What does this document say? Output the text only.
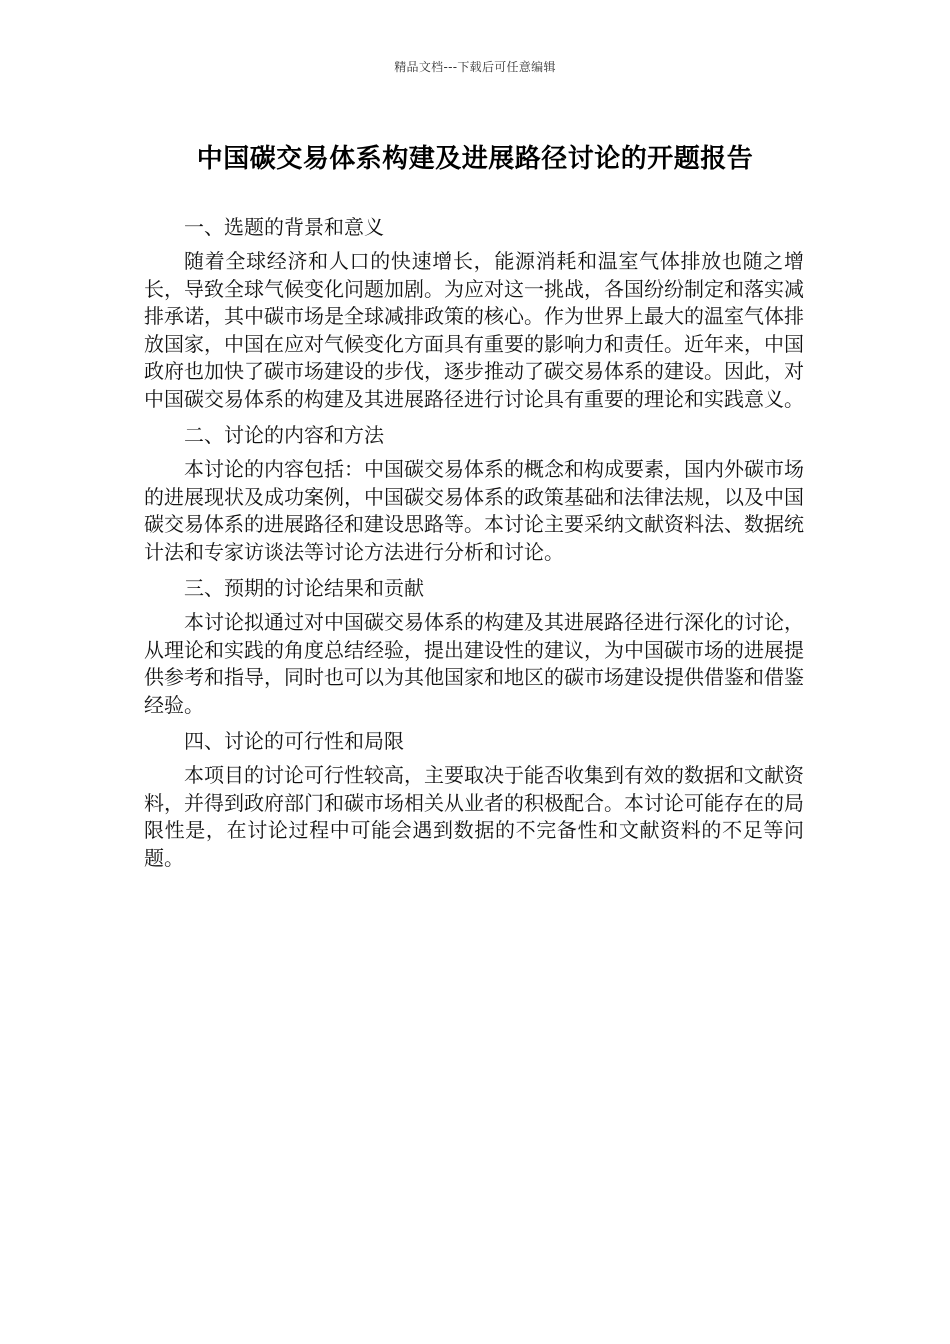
精品文档---下载后可任意编辑
中国碳交易体系构建及进展路径讨论的开题报告

一、选题的背景和意义

随着全球经济和人口的快速增长，能源消耗和温室气体排放也随之增长，导致全球气候变化问题加剧。为应对这一挑战，各国纷纷制定和落实减排承诺，其中碳市场是全球减排政策的核心。作为世界上最大的温室气体排放国家，中国在应对气候变化方面具有重要的影响力和责任。近年来，中国政府也加快了碳市场建设的步伐，逐步推动了碳交易体系的建设。因此，对中国碳交易体系的构建及其进展路径进行讨论具有重要的理论和实践意义。

二、讨论的内容和方法

本讨论的内容包括：中国碳交易体系的概念和构成要素，国内外碳市场的进展现状及成功案例，中国碳交易体系的政策基础和法律法规，以及中国碳交易体系的进展路径和建设思路等。本讨论主要采纳文献资料法、数据统计法和专家访谈法等讨论方法进行分析和讨论。

三、预期的讨论结果和贡献

本讨论拟通过对中国碳交易体系的构建及其进展路径进行深化的讨论，从理论和实践的角度总结经验，提出建设性的建议，为中国碳市场的进展提供参考和指导，同时也可以为其他国家和地区的碳市场建设提供借鉴和借鉴经验。

四、讨论的可行性和局限

本项目的讨论可行性较高，主要取决于能否收集到有效的数据和文献资料，并得到政府部门和碳市场相关从业者的积极配合。本讨论可能存在的局限性是，在讨论过程中可能会遇到数据的不完备性和文献资料的不足等问题。
